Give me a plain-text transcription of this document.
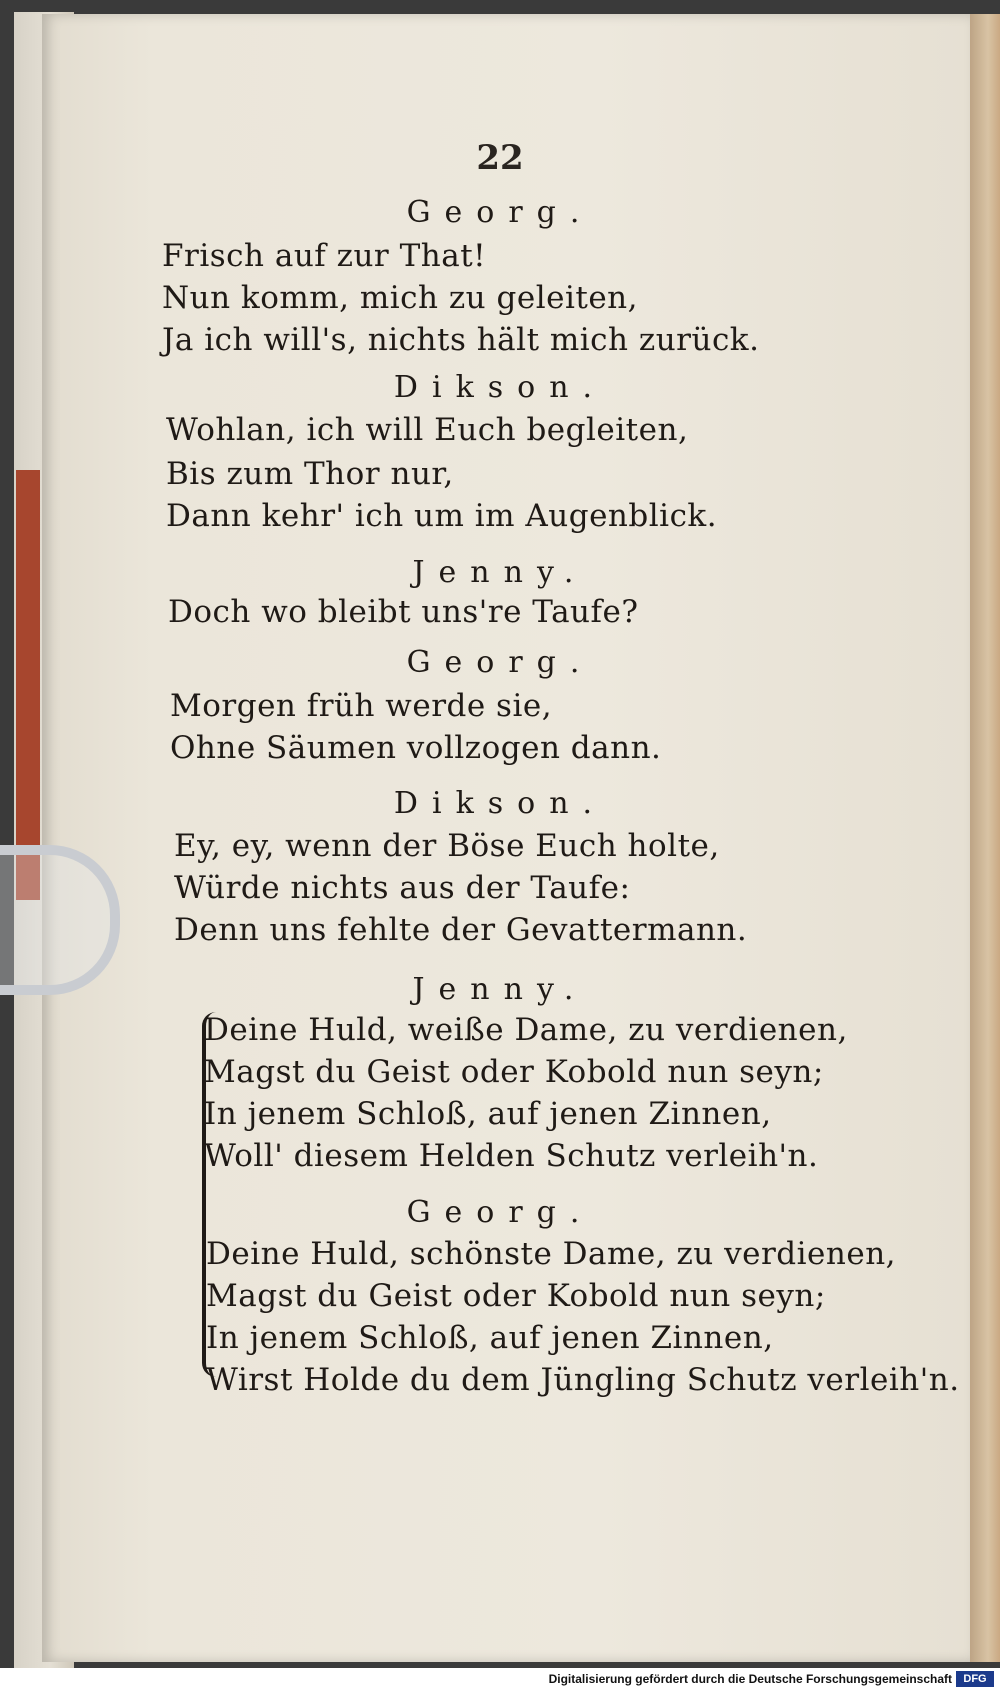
22
Georg.
Frisch auf zur That!
Nun komm, mich zu geleiten,
Ja ich will's, nichts hält mich zurück.
Dikson.
Wohlan, ich will Euch begleiten,
Bis zum Thor nur,
Dann kehr' ich um im Augenblick.
Jenny.
Doch wo bleibt uns're Taufe?
Georg.
Morgen früh werde sie,
Ohne Säumen vollzogen dann.
Dikson.
Ey, ey, wenn der Böse Euch holte,
Würde nichts aus der Taufe:
Denn uns fehlte der Gevattermann.
Jenny.
Deine Huld, weiße Dame, zu verdienen,
Magst du Geist oder Kobold nun seyn;
In jenem Schloß, auf jenen Zinnen,
Woll' diesem Helden Schutz verleih'n.
Georg.
Deine Huld, schönste Dame, zu verdienen,
Magst du Geist oder Kobold nun seyn;
In jenem Schloß, auf jenen Zinnen,
Wirst Holde du dem Jüngling Schutz verleih'n.
Digitalisierung gefördert durch die Deutsche Forschungsgemeinschaft	DFG
